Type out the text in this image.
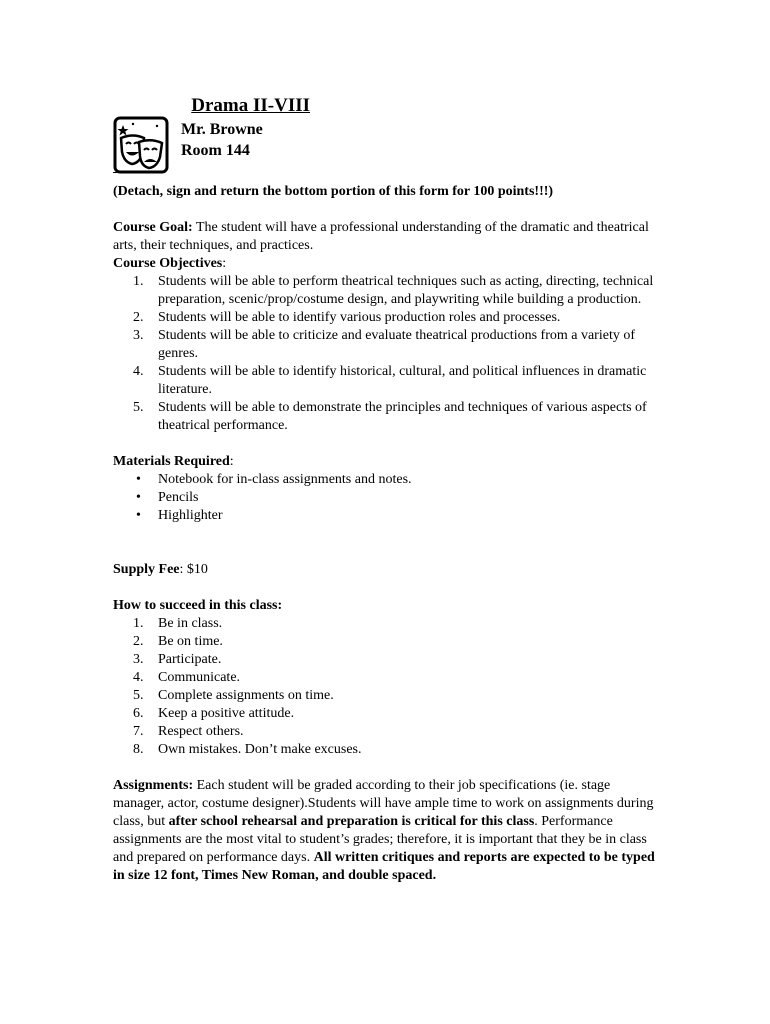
Drama II-VIII
Mr. Browne
Room 144
(Detach, sign and return the bottom portion of this form for 100 points!!!)

Course Goal: The student will have a professional understanding of the dramatic and theatrical arts, their techniques, and practices.

Course Objectives:

1.	Students will be able to perform theatrical techniques such as acting, directing, technical preparation, scenic/prop/costume design, and playwriting while building a production.
2.	Students will be able to identify various production roles and processes.
3.	Students will be able to criticize and evaluate theatrical productions from a variety of genres.
4.	Students will be able to identify historical, cultural, and political influences in dramatic literature.
5.	Students will be able to demonstrate the principles and techniques of various aspects of theatrical performance.

Materials Required:

• Notebook for in-class assignments and notes.
• Pencils
• Highlighter

Supply Fee: $10

How to succeed in this class:

1.	Be in class.
2.	Be on time.
3.	Participate.
4.	Communicate.
5.	Complete assignments on time.
6.	Keep a positive attitude.
7.	Respect others.
8.	Own mistakes. Don’t make excuses.

Assignments: Each student will be graded according to their job specifications (ie. stage manager, actor, costume designer).Students will have ample time to work on assignments during class, but after school rehearsal and preparation is critical for this class. Performance assignments are the most vital to student’s grades; therefore, it is important that they be in class and prepared on performance days. All written critiques and reports are expected to be typed in size 12 font, Times New Roman, and double spaced.
